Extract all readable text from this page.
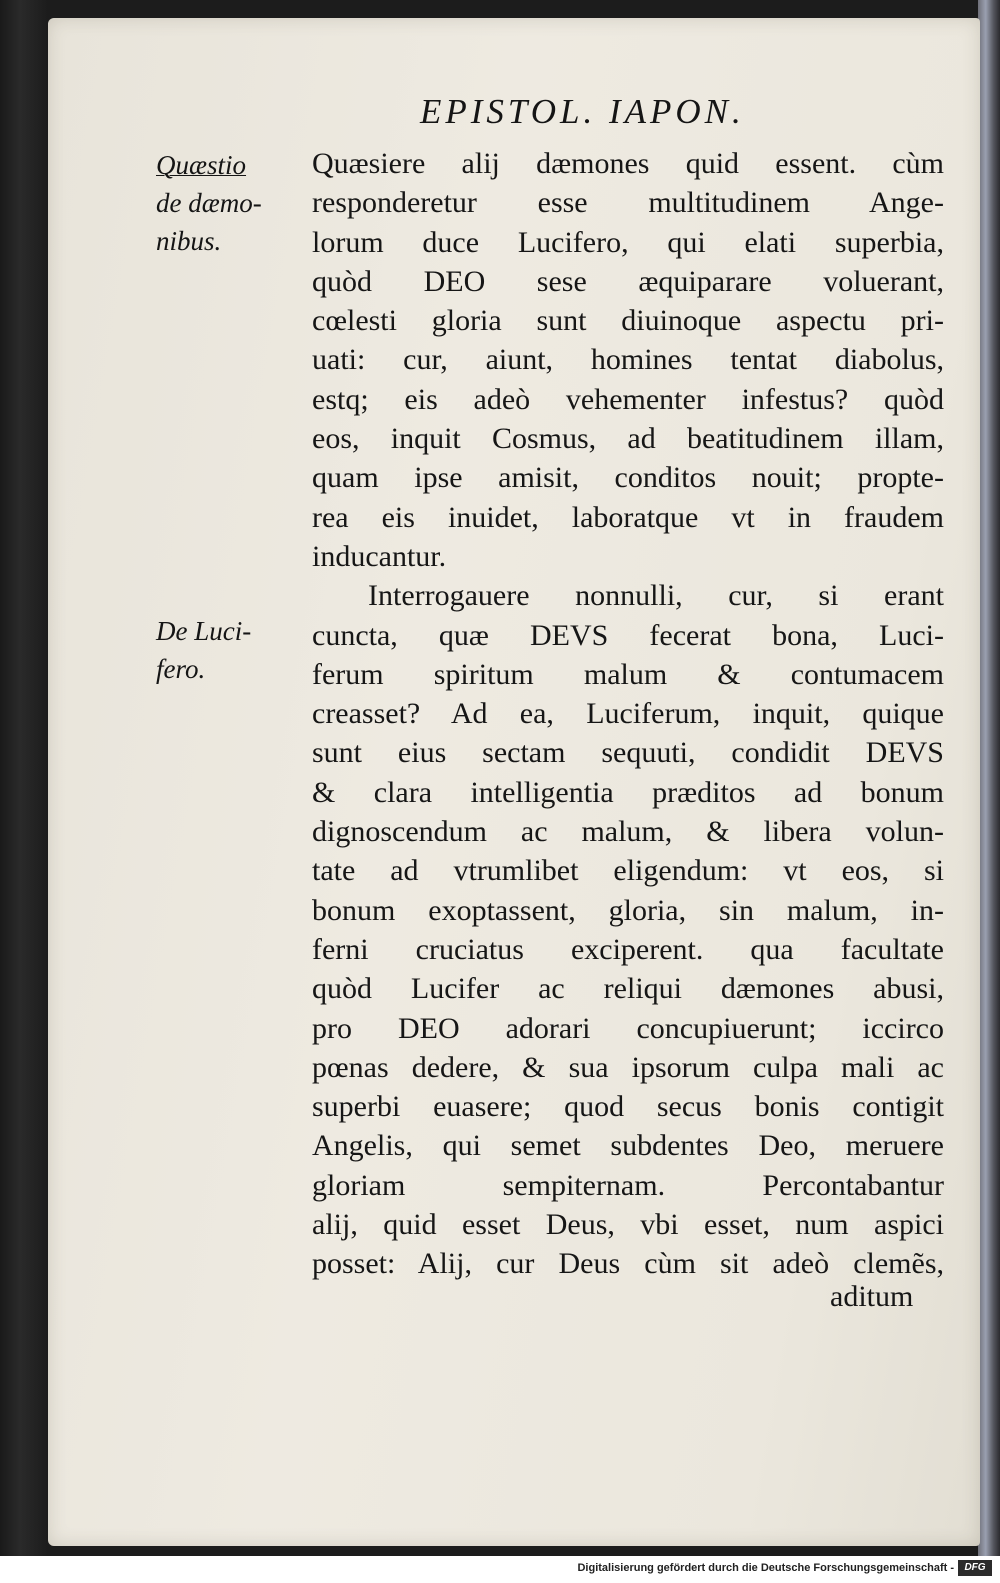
EPISTOL. IAPON.
Quæstio
de dæmo-
nibus.
De Luci-
fero.
Quæsiere alij dæmones quid essent. cùm
responderetur esse multitudinem Ange-
lorum duce Lucifero, qui elati superbia,
quòd DEO sese æquiparare voluerant,
cœlesti gloria sunt diuinoque aspectu pri-
uati: cur, aiunt, homines tentat diabolus,
estq; eis adeò vehementer infestus? quòd
eos, inquit Cosmus, ad beatitudinem illam,
quam ipse amisit, conditos nouit; propte-
rea eis inuidet, laboratque vt in fraudem
inducantur.
Interrogauere nonnulli, cur, si erant
cuncta, quæ DEVS fecerat bona, Luci-
ferum spiritum malum & contumacem
creasset? Ad ea, Luciferum, inquit, quique
sunt eius sectam sequuti, condidit DEVS
& clara intelligentia præditos ad bonum
dignoscendum ac malum, & libera volun-
tate ad vtrumlibet eligendum: vt eos, si
bonum exoptassent, gloria, sin malum, in-
ferni cruciatus exciperent. qua facultate
quòd Lucifer ac reliqui dæmones abusi,
pro DEO adorari concupiuerunt; iccirco
pœnas dedere, & sua ipsorum culpa mali ac
superbi euasere; quod secus bonis contigit
Angelis, qui semet subdentes Deo, meruere
gloriam sempiternam. Percontabantur
alij, quid esset Deus, vbi esset, num aspici
posset: Alij, cur Deus cùm sit adeò clemẽs,
aditum
Digitalisierung gefördert durch die Deutsche Forschungsgemeinschaft -	DFG
